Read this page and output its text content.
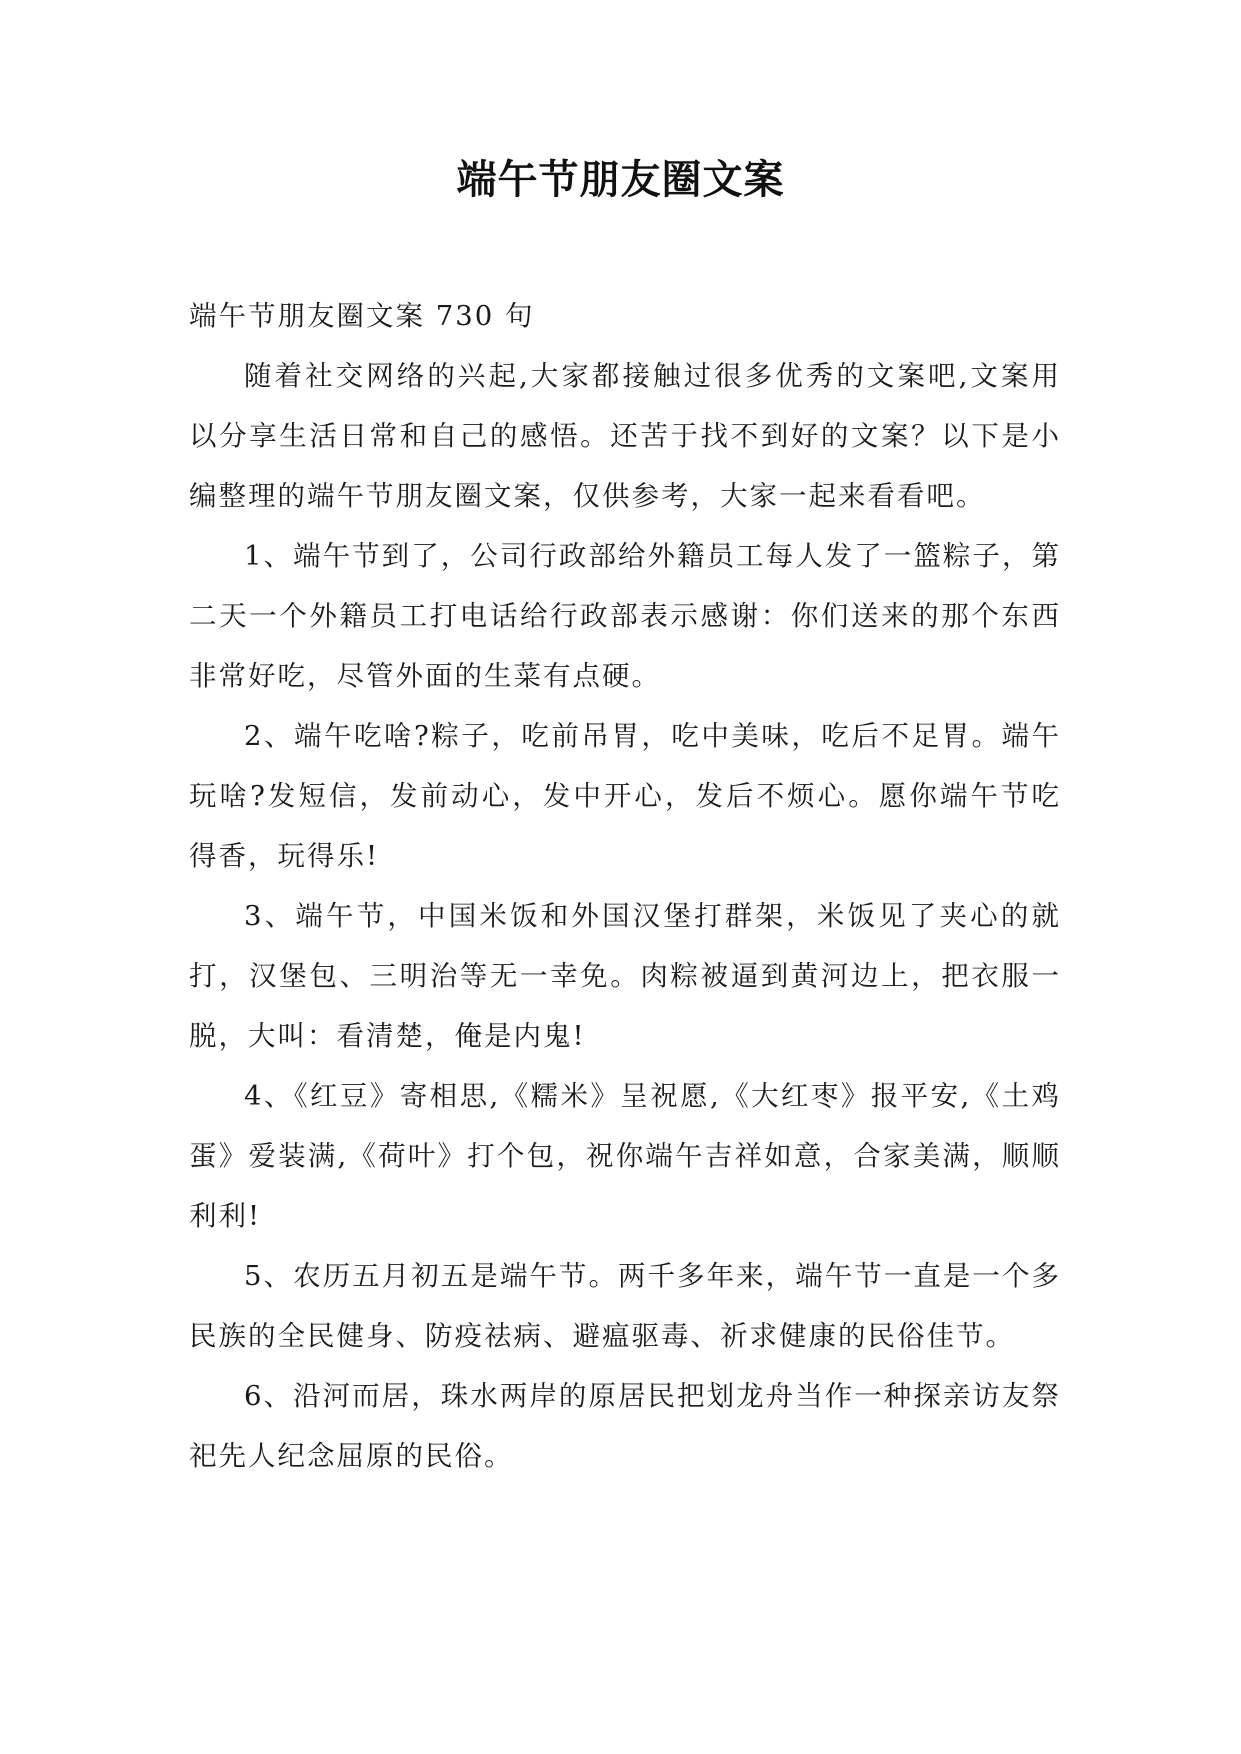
端午节朋友圈文案

端午节朋友圈文案 730 句

随着社交网络的兴起,大家都接触过很多优秀的文案吧,文案用以分享生活日常和自己的感悟。还苦于找不到好的文案？以下是小编整理的端午节朋友圈文案，仅供参考，大家一起来看看吧。

1、端午节到了，公司行政部给外籍员工每人发了一篮粽子，第二天一个外籍员工打电话给行政部表示感谢：你们送来的那个东西非常好吃，尽管外面的生菜有点硬。

2、端午吃啥?粽子，吃前吊胃，吃中美味，吃后不足胃。端午玩啥?发短信，发前动心，发中开心，发后不烦心。愿你端午节吃得香，玩得乐!

3、端午节，中国米饭和外国汉堡打群架，米饭见了夹心的就打，汉堡包、三明治等无一幸免。肉粽被逼到黄河边上，把衣服一脱，大叫：看清楚，俺是内鬼!

4、《红豆》寄相思,《糯米》呈祝愿,《大红枣》报平安,《土鸡蛋》爱装满,《荷叶》打个包，祝你端午吉祥如意，合家美满，顺顺利利!

5、农历五月初五是端午节。两千多年来，端午节一直是一个多民族的全民健身、防疫祛病、避瘟驱毒、祈求健康的民俗佳节。

6、沿河而居，珠水两岸的原居民把划龙舟当作一种探亲访友祭祀先人纪念屈原的民俗。
